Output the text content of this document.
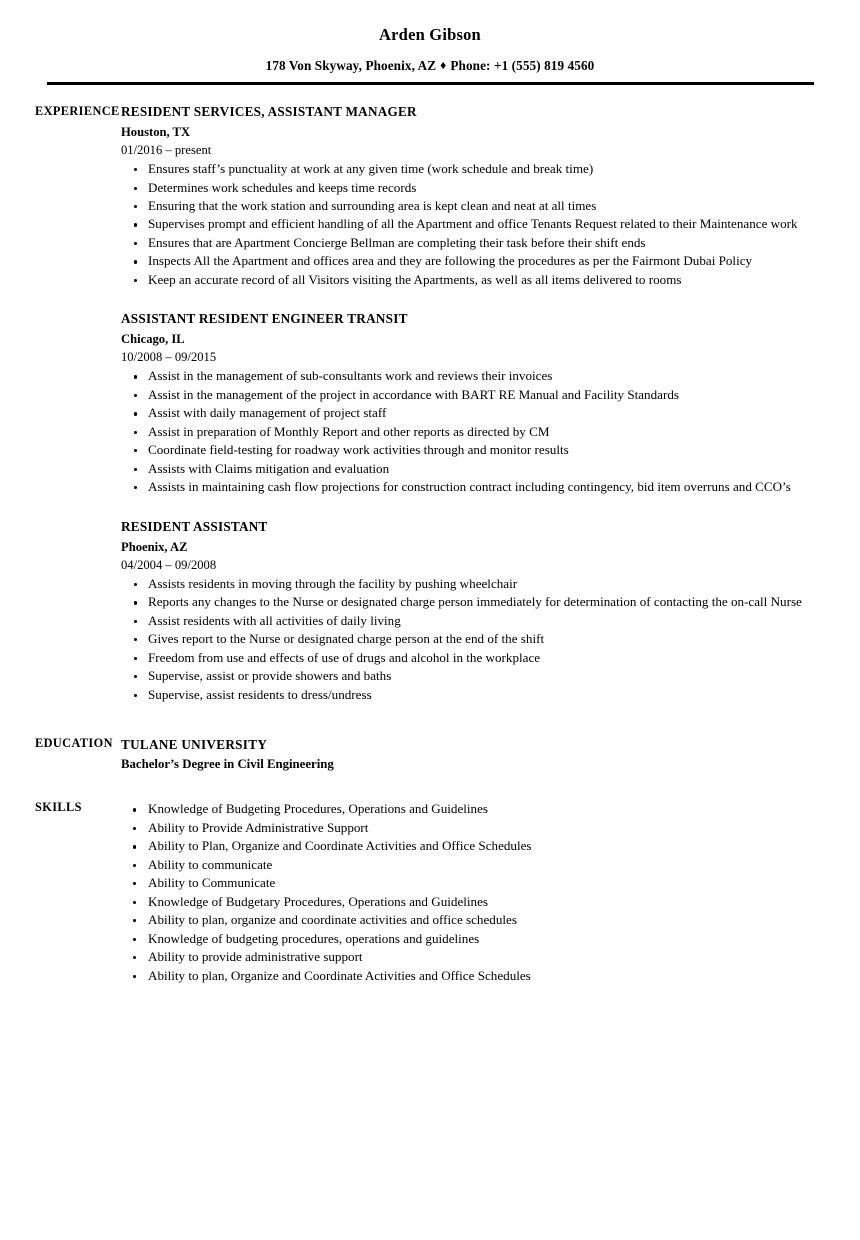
Arden Gibson
178 Von Skyway, Phoenix, AZ ♦ Phone: +1 (555) 819 4560
EXPERIENCE RESIDENT SERVICES, ASSISTANT MANAGER
Houston, TX
01/2016 – present
Ensures staff’s punctuality at work at any given time (work schedule and break time)
Determines work schedules and keeps time records
Ensuring that the work station and surrounding area is kept clean and neat at all times
Supervises prompt and efficient handling of all the Apartment and office Tenants Request related to their Maintenance work
Ensures that are Apartment Concierge Bellman are completing their task before their shift ends
Inspects All the Apartment and offices area and they are following the procedures as per the Fairmont Dubai Policy
Keep an accurate record of all Visitors visiting the Apartments, as well as all items delivered to rooms
ASSISTANT RESIDENT ENGINEER TRANSIT
Chicago, IL
10/2008 – 09/2015
Assist in the management of sub-consultants work and reviews their invoices
Assist in the management of the project in accordance with BART RE Manual and Facility Standards
Assist with daily management of project staff
Assist in preparation of Monthly Report and other reports as directed by CM
Coordinate field-testing for roadway work activities through and monitor results
Assists with Claims mitigation and evaluation
Assists in maintaining cash flow projections for construction contract including contingency, bid item overruns and CCO’s
RESIDENT ASSISTANT
Phoenix, AZ
04/2004 – 09/2008
Assists residents in moving through the facility by pushing wheelchair
Reports any changes to the Nurse or designated charge person immediately for determination of contacting the on-call Nurse
Assist residents with all activities of daily living
Gives report to the Nurse or designated charge person at the end of the shift
Freedom from use and effects of use of drugs and alcohol in the workplace
Supervise, assist or provide showers and baths
Supervise, assist residents to dress/undress
EDUCATION TULANE UNIVERSITY
Bachelor’s Degree in Civil Engineering
SKILLS	Knowledge of Budgeting Procedures, Operations and Guidelines
Ability to Provide Administrative Support
Ability to Plan, Organize and Coordinate Activities and Office Schedules
Ability to communicate
Ability to Communicate
Knowledge of Budgetary Procedures, Operations and Guidelines
Ability to plan, organize and coordinate activities and office schedules
Knowledge of budgeting procedures, operations and guidelines
Ability to provide administrative support
Ability to plan, Organize and Coordinate Activities and Office Schedules
